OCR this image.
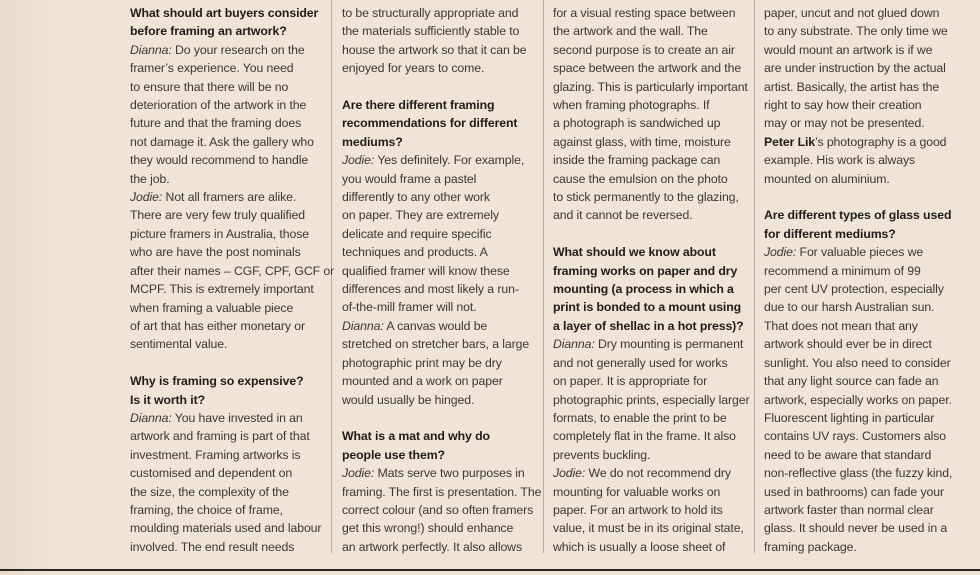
What should art buyers consider
before framing an artwork?
Dianna: Do your research on the
framer’s experience. You need
to ensure that there will be no
deterioration of the artwork in the
future and that the framing does
not damage it. Ask the gallery who
they would recommend to handle
the job.
Jodie: Not all framers are alike.
There are very few truly qualified
picture framers in Australia, those
who are have the post nominals
after their names – CGF, CPF, GCF or
MCPF. This is extremely important
when framing a valuable piece
of art that has either monetary or
sentimental value.
Why is framing so expensive?
Is it worth it?
Dianna: You have invested in an
artwork and framing is part of that
investment. Framing artworks is
customised and dependent on
the size, the complexity of the
framing, the choice of frame,
moulding materials used and labour
involved. The end result needs
to be structurally appropriate and
the materials sufficiently stable to
house the artwork so that it can be
enjoyed for years to come.
Are there different framing
recommendations for different
mediums?
Jodie: Yes definitely. For example,
you would frame a pastel
differently to any other work
on paper. They are extremely
delicate and require specific
techniques and products. A
qualified framer will know these
differences and most likely a run-
of-the-mill framer will not.
Dianna: A canvas would be
stretched on stretcher bars, a large
photographic print may be dry
mounted and a work on paper
would usually be hinged.
What is a mat and why do
people use them?
Jodie: Mats serve two purposes in
framing. The first is presentation. The
correct colour (and so often framers
get this wrong!) should enhance
an artwork perfectly. It also allows
for a visual resting space between
the artwork and the wall. The
second purpose is to create an air
space between the artwork and the
glazing. This is particularly important
when framing photographs. If
a photograph is sandwiched up
against glass, with time, moisture
inside the framing package can
cause the emulsion on the photo
to stick permanently to the glazing,
and it cannot be reversed.
What should we know about
framing works on paper and dry
mounting (a process in which a
print is bonded to a mount using
a layer of shellac in a hot press)?
Dianna: Dry mounting is permanent
and not generally used for works
on paper. It is appropriate for
photographic prints, especially larger
formats, to enable the print to be
completely flat in the frame. It also
prevents buckling.
Jodie: We do not recommend dry
mounting for valuable works on
paper. For an artwork to hold its
value, it must be in its original state,
which is usually a loose sheet of
paper, uncut and not glued down
to any substrate. The only time we
would mount an artwork is if we
are under instruction by the actual
artist. Basically, the artist has the
right to say how their creation
may or may not be presented.
Peter Lik’s photography is a good
example. His work is always
mounted on aluminium.
Are different types of glass used
for different mediums?
Jodie: For valuable pieces we
recommend a minimum of 99
per cent UV protection, especially
due to our harsh Australian sun.
That does not mean that any
artwork should ever be in direct
sunlight. You also need to consider
that any light source can fade an
artwork, especially works on paper.
Fluorescent lighting in particular
contains UV rays. Customers also
need to be aware that standard
non-reflective glass (the fuzzy kind,
used in bathrooms) can fade your
artwork faster than normal clear
glass. It should never be used in a
framing package.
